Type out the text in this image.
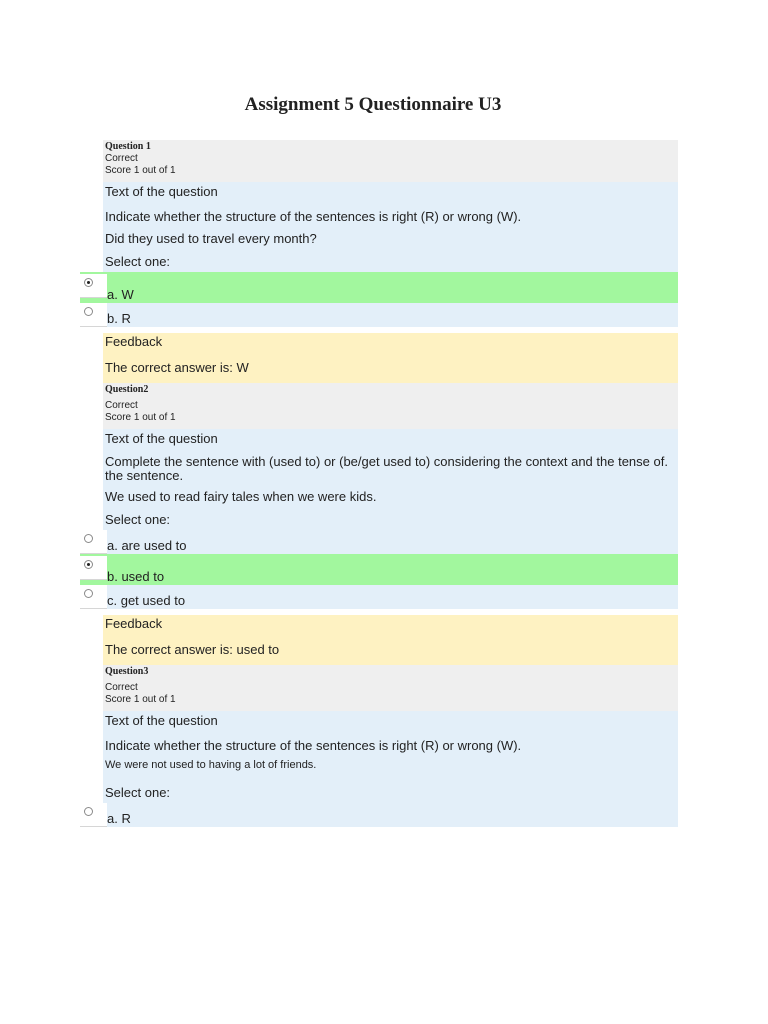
Assignment 5 Questionnaire U3
Question 1
Correct
Score 1 out of 1
Text of the question
Indicate whether the structure of the sentences is right (R) or wrong (W).
Did they used to travel every month?
Select one:
a. W
b. R
Feedback
The correct answer is: W
Question2
Correct
Score 1 out of 1
Text of the question
Complete the sentence with (used to) or (be/get used to) considering the context and the tense of. the sentence.
We used to read fairy tales when we were kids.
Select one:
a. are used to
b. used to
c. get used to
Feedback
The correct answer is: used to
Question3
Correct
Score 1 out of 1
Text of the question
Indicate whether the structure of the sentences is right (R) or wrong (W).
We were not used to having a lot of friends.
Select one:
a. R
